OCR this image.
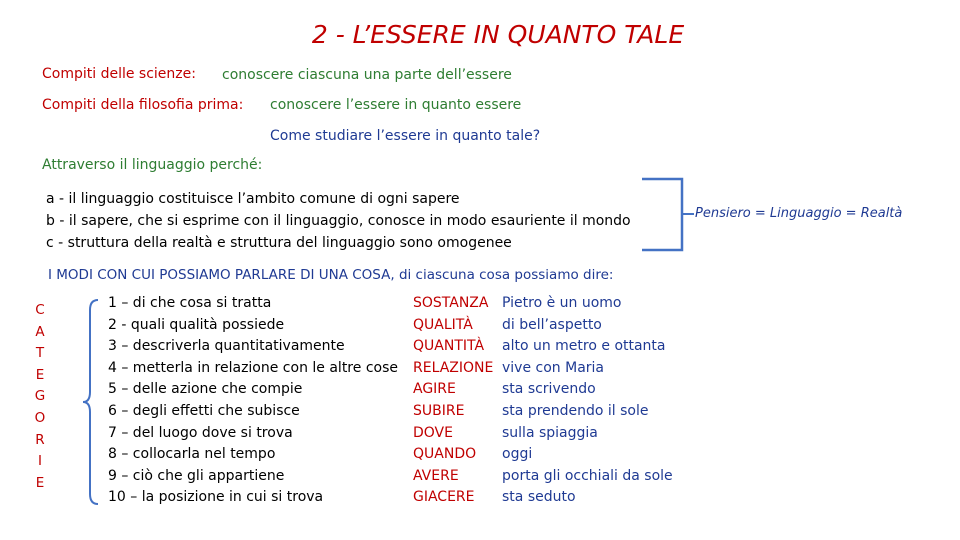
2 - L’ESSERE IN QUANTO TALE
Compiti delle scienze: conoscere ciascuna una parte dell’essere
Compiti della filosofia prima: conoscere l’essere in quanto essere
Come studiare l’essere in quanto tale?
Attraverso il linguaggio perché:
a - il linguaggio costituisce l’ambito comune di ogni sapere
b - il sapere, che si esprime con il linguaggio, conosce in modo esauriente il mondo
c - struttura della realtà e struttura del linguaggio sono omogenee
Pensiero = Linguaggio = Realtà
I MODI CON CUI POSSIAMO PARLARE DI UNA COSA, di ciascuna cosa possiamo dire:
C
A
T
E
G
O
R
I
E
1 – di che cosa si tratta
2 - quali qualità possiede
3 – descriverla quantitativamente
4 – metterla in relazione con le altre cose
5 – delle azione che compie
6 – degli effetti che subisce
7 – del luogo dove si trova
8 – collocarla nel tempo
9 – ciò che gli appartiene
10 – la posizione in cui si trova
SOSTANZA
QUALITÀ
QUANTITÀ
RELAZIONE
AGIRE
SUBIRE
DOVE
QUANDO
AVERE
GIACERE
Pietro è un uomo
di bell’aspetto
alto un metro e ottanta
vive con Maria
sta scrivendo
sta prendendo il sole
sulla spiaggia
oggi
porta gli occhiali da sole
sta seduto
